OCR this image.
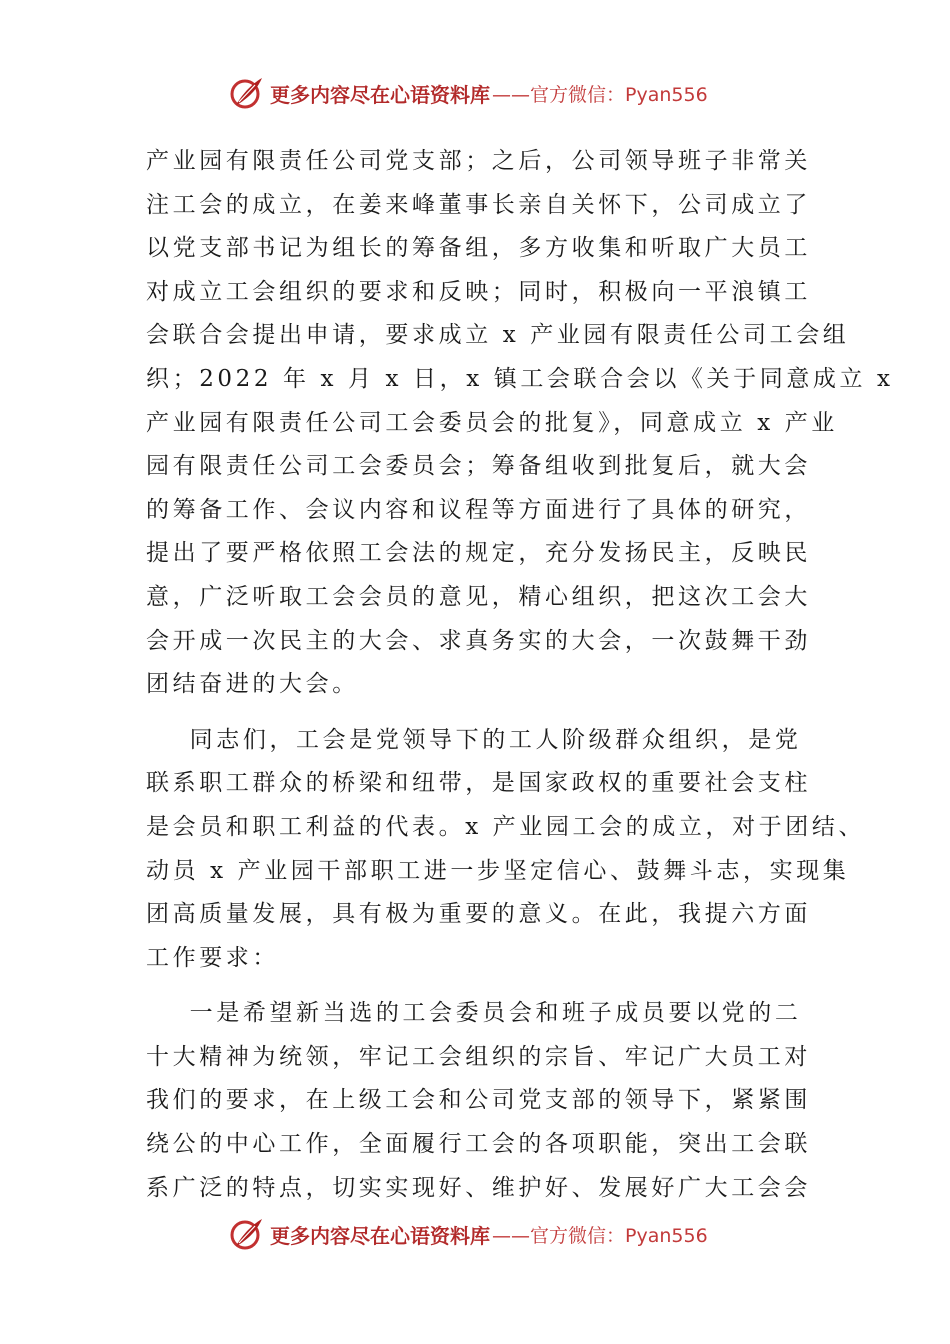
更多内容尽在心语资料库 ——官方微信：Pyan556
产业园有限责任公司党支部；之后，公司领导班子非常关
注工会的成立，在姜来峰董事长亲自关怀下，公司成立了
以党支部书记为组长的筹备组，多方收集和听取广大员工
对成立工会组织的要求和反映；同时，积极向一平浪镇工
会联合会提出申请，要求成立 x 产业园有限责任公司工会组
织；2022 年 x 月 x 日，x 镇工会联合会以《关于同意成立 x
产业园有限责任公司工会委员会的批复》，同意成立 x 产业
园有限责任公司工会委员会；筹备组收到批复后，就大会
的筹备工作、会议内容和议程等方面进行了具体的研究，
提出了要严格依照工会法的规定，充分发扬民主，反映民
意，广泛听取工会会员的意见，精心组织，把这次工会大
会开成一次民主的大会、求真务实的大会，一次鼓舞干劲
团结奋进的大会。
同志们，工会是党领导下的工人阶级群众组织，是党
联系职工群众的桥梁和纽带，是国家政权的重要社会支柱
是会员和职工利益的代表。x 产业园工会的成立，对于团结、
动员 x 产业园干部职工进一步坚定信心、鼓舞斗志，实现集
团高质量发展，具有极为重要的意义。在此，我提六方面
工作要求：
一是希望新当选的工会委员会和班子成员要以党的二
十大精神为统领，牢记工会组织的宗旨、牢记广大员工对
我们的要求，在上级工会和公司党支部的领导下，紧紧围
绕公的中心工作，全面履行工会的各项职能，突出工会联
系广泛的特点，切实实现好、维护好、发展好广大工会会
更多内容尽在心语资料库 ——官方微信：Pyan556
